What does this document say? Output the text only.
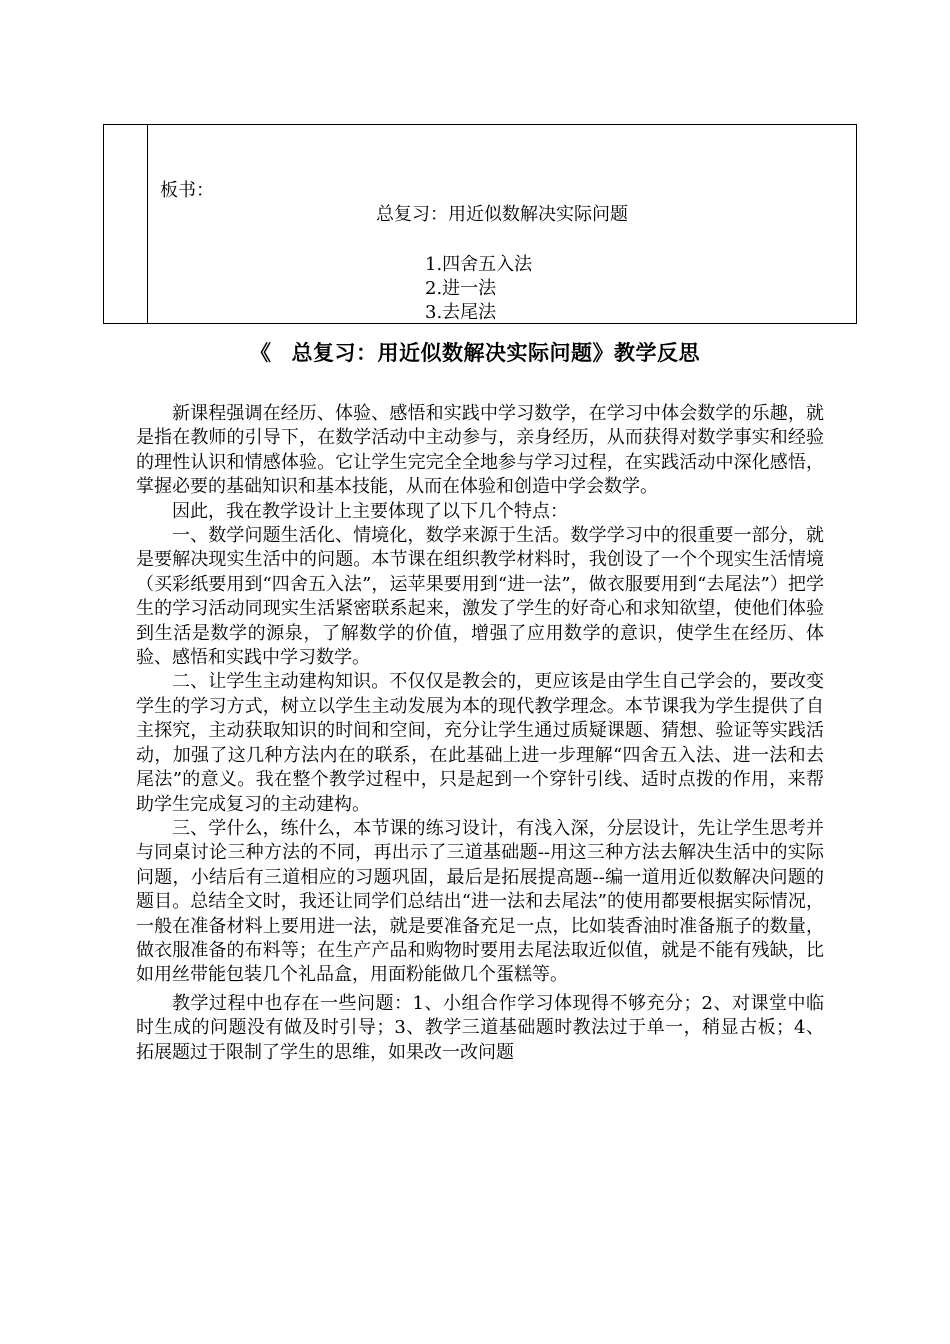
板书：
总复习：用近似数解决实际问题
1.四舍五入法
2.进一法
3.去尾法
《 总复习：用近似数解决实际问题》教学反思

新课程强调在经历、体验、感悟和实践中学习数学，在学习中体会数学的乐趣，就是指在教师的引导下，在数学活动中主动参与，亲身经历，从而获得对数学事实和经验的理性认识和情感体验。它让学生完完全全地参与学习过程，在实践活动中深化感悟，掌握必要的基础知识和基本技能，从而在体验和创造中学会数学。

因此，我在教学设计上主要体现了以下几个特点：

一、数学问题生活化、情境化，数学来源于生活。数学学习中的很重要一部分，就是要解决现实生活中的问题。本节课在组织教学材料时，我创设了一个个现实生活情境（买彩纸要用到“四舍五入法”，运苹果要用到“进一法”，做衣服要用到“去尾法”）把学生的学习活动同现实生活紧密联系起来，激发了学生的好奇心和求知欲望，使他们体验到生活是数学的源泉，了解数学的价值，增强了应用数学的意识，使学生在经历、体验、感悟和实践中学习数学。

二、让学生主动建构知识。不仅仅是教会的，更应该是由学生自己学会的，要改变学生的学习方式，树立以学生主动发展为本的现代教学理念。本节课我为学生提供了自主探究，主动获取知识的时间和空间，充分让学生通过质疑课题、猜想、验证等实践活动，加强了这几种方法内在的联系，在此基础上进一步理解“四舍五入法、进一法和去尾法”的意义。我在整个教学过程中，只是起到一个穿针引线、适时点拨的作用，来帮助学生完成复习的主动建构。

三、学什么，练什么，本节课的练习设计，有浅入深，分层设计，先让学生思考并与同桌讨论三种方法的不同，再出示了三道基础题--用这三种方法去解决生活中的实际问题，小结后有三道相应的习题巩固，最后是拓展提高题--编一道用近似数解决问题的题目。总结全文时，我还让同学们总结出“进一法和去尾法”的使用都要根据实际情况，一般在准备材料上要用进一法，就是要准备充足一点，比如装香油时准备瓶子的数量，做衣服准备的布料等；在生产产品和购物时要用去尾法取近似值，就是不能有残缺，比如用丝带能包装几个礼品盒，用面粉能做几个蛋糕等。

教学过程中也存在一些问题：1、小组合作学习体现得不够充分；2、对课堂中临时生成的问题没有做及时引导；3、教学三道基础题时教法过于单一，稍显古板；4、拓展题过于限制了学生的思维，如果改一改问题
